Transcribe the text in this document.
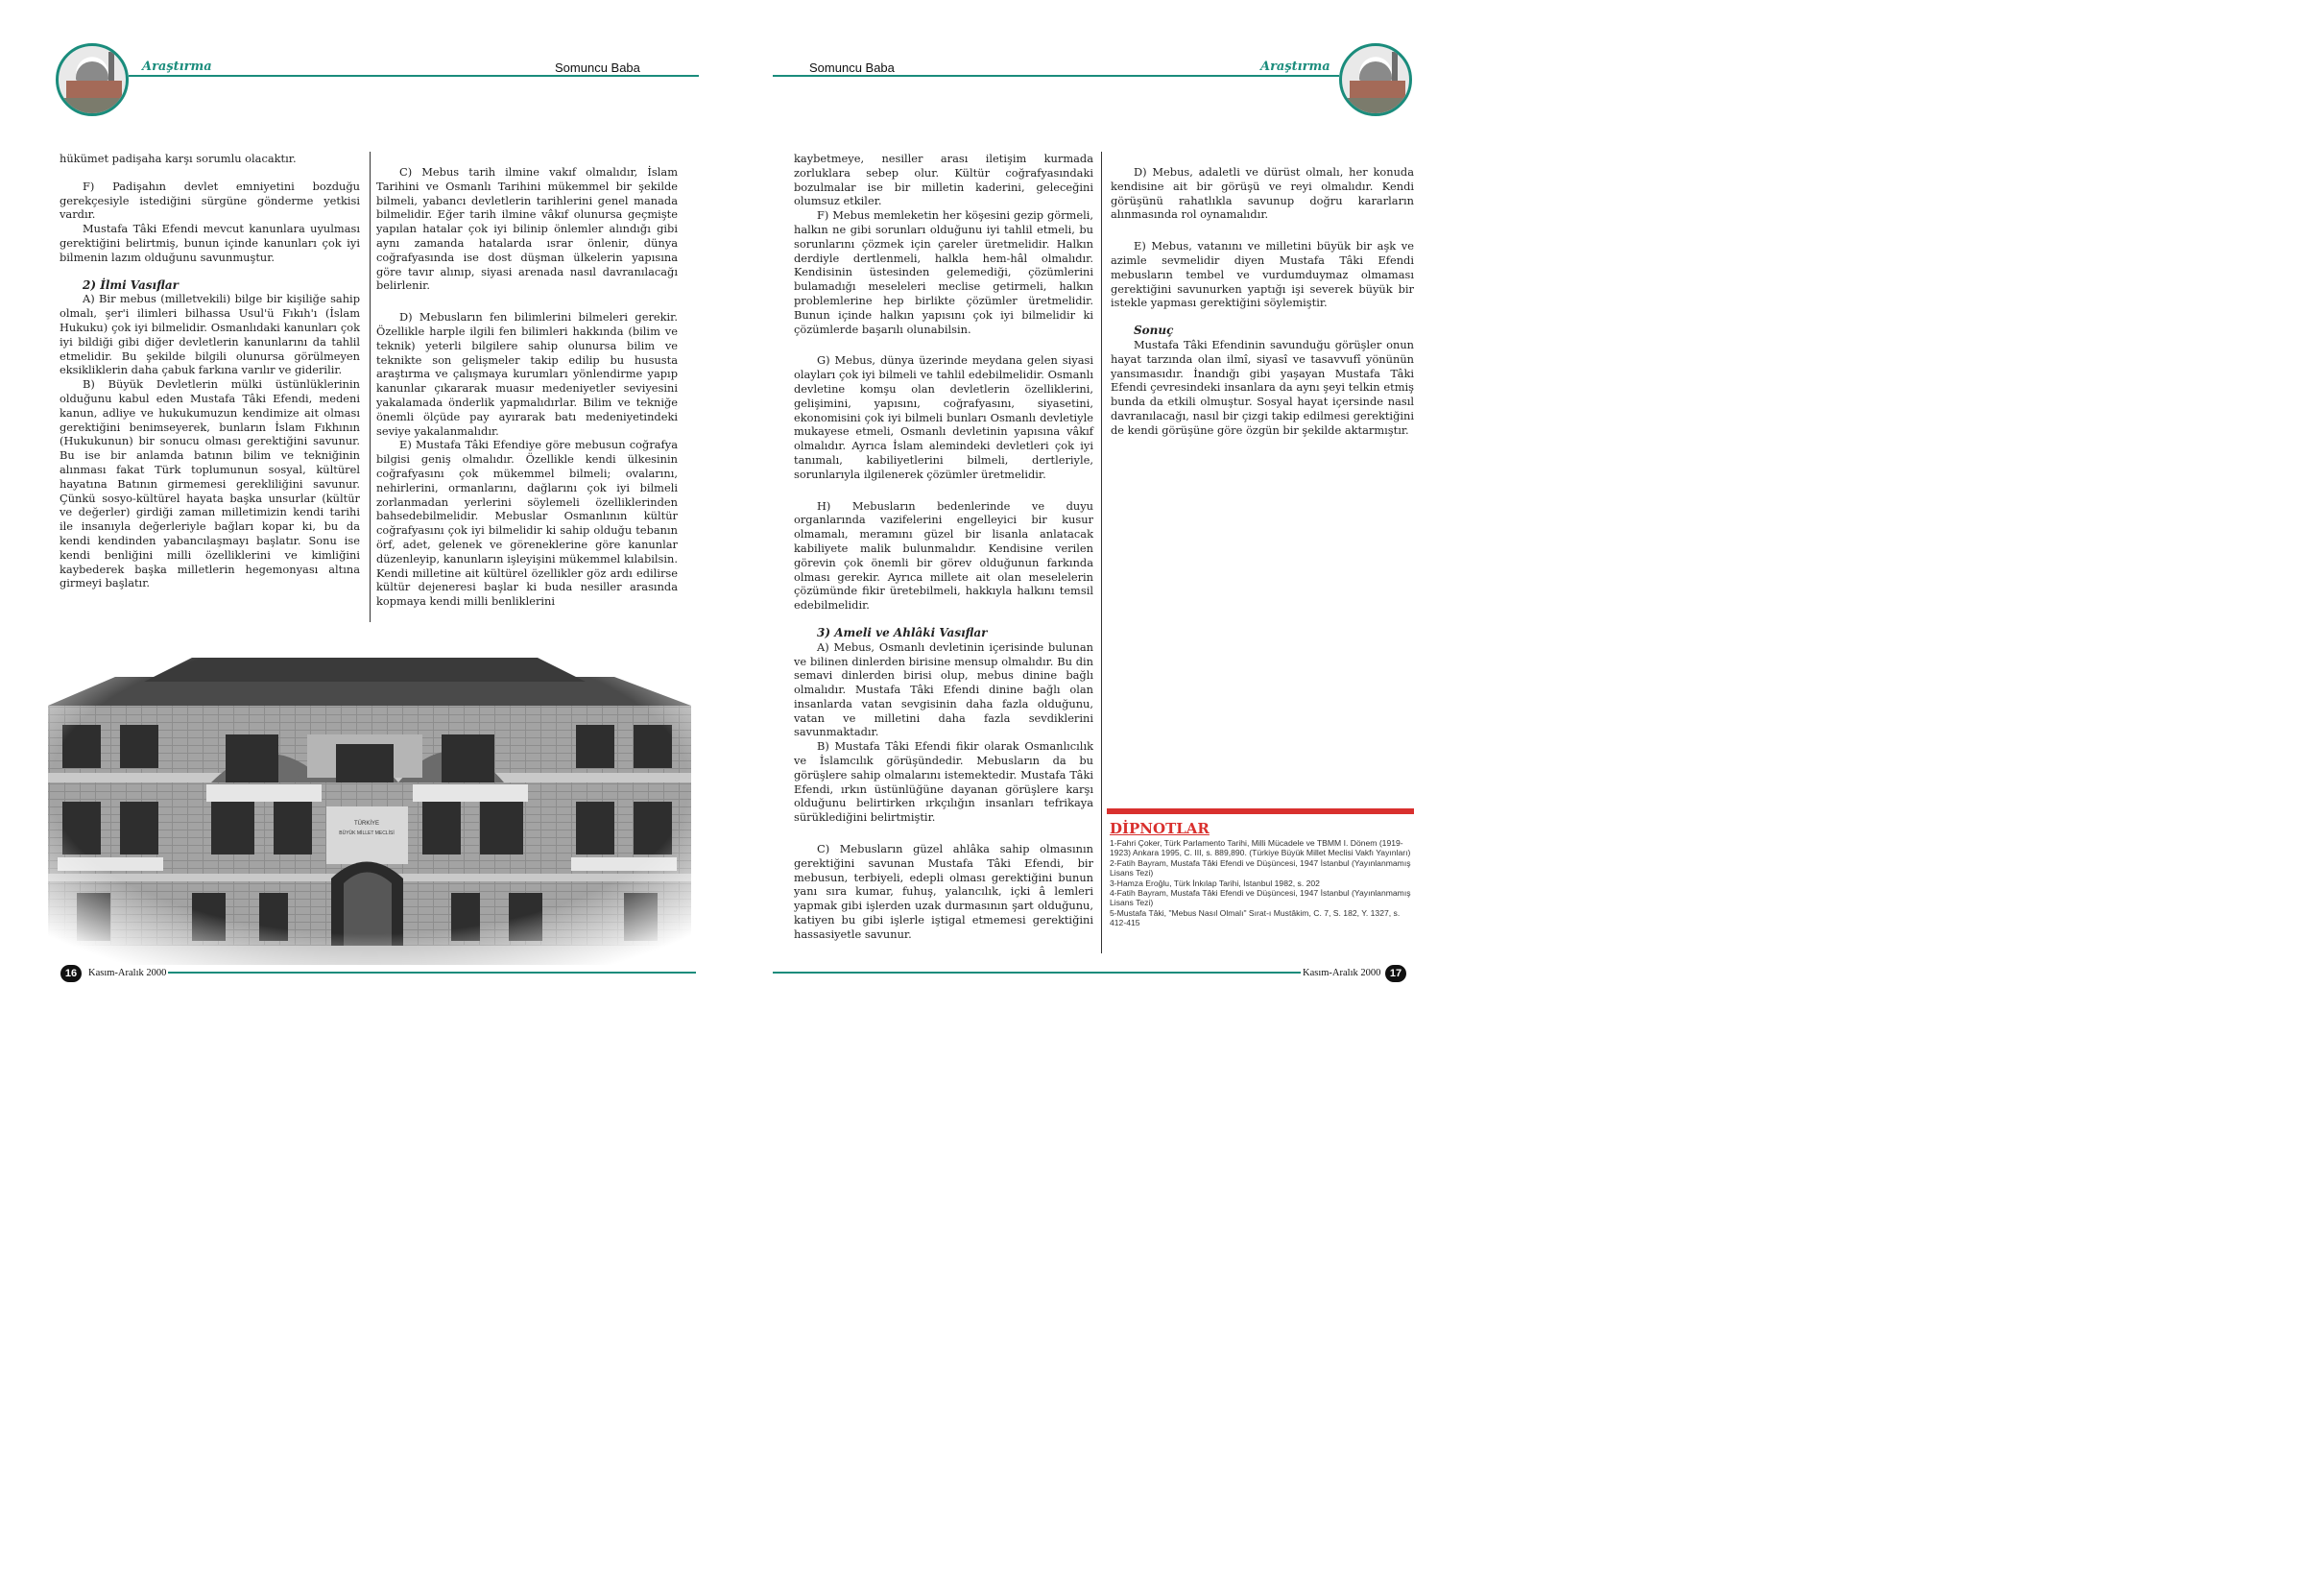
Araştırma	Somuncu Baba

hükümet padişaha karşı sorumlu olacaktır.

F) Padişahın devlet emniyetini bozduğu gerekçesiyle istediğini sürgüne gönderme yetkisi vardır.

Mustafa Tâki Efendi mevcut kanunlara uyulması gerektiğini belirtmiş, bunun içinde kanunları çok iyi bilmenin lazım olduğunu savunmuştur.

2) İlmi Vasıflar

A) Bir mebus (milletvekili) bilge bir kişiliğe sahip olmalı, şer'i ilimleri bilhassa Usul'ü Fıkıh'ı (İslam Hukuku) çok iyi bilmelidir. Osmanlıdaki kanunları çok iyi bildiği gibi diğer devletlerin kanunlarını da tahlil etmelidir. Bu şekilde bilgili olunursa görülmeyen eksikliklerin daha çabuk farkına varılır ve giderilir.

B) Büyük Devletlerin mülki üstünlüklerinin olduğunu kabul eden Mustafa Tâki Efendi, medeni kanun, adliye ve hukukumuzun kendimize ait olması gerektiğini benimseyerek, bunların İslam Fıkhının (Hukukunun) bir sonucu olması gerektiğini savunur. Bu ise bir anlamda batının bilim ve tekniğinin alınması fakat Türk toplumunun sosyal, kültürel hayatına Batının girmemesi gerekliliğini savunur. Çünkü sosyo-kültürel hayata başka unsurlar (kültür ve değerler) girdiği zaman milletimizin kendi tarihi ile insanıyla değerleriyle bağları kopar ki, bu da kendi kendinden yabancılaşmayı başlatır. Sonu ise kendi benliğini milli özelliklerini ve kimliğini kaybederek başka milletlerin hegemonyası altına girmeyi başlatır.

C) Mebus tarih ilmine vakıf olmalıdır, İslam Tarihini ve Osmanlı Tarihini mükemmel bir şekilde bilmeli, yabancı devletlerin tarihlerini genel manada bilmelidir. Eğer tarih ilmine vâkıf olunursa geçmişte yapılan hatalar çok iyi bilinip önlemler alındığı gibi aynı zamanda hatalarda ısrar önlenir, dünya coğrafyasında ise dost düşman ülkelerin yapısına göre tavır alınıp, siyasi arenada nasıl davranılacağı belirlenir.

D) Mebusların fen bilimlerini bilmeleri gerekir. Özellikle harple ilgili fen bilimleri hakkında (bilim ve teknik) yeterli bilgilere sahip olunursa bilim ve teknikte son gelişmeler takip edilip bu hususta araştırma ve çalışmaya kurumları yönlendirme yapıp kanunlar çıkararak muasır medeniyetler seviyesini yakalamada önderlik yapmalıdırlar. Bilim ve tekniğe önemli ölçüde pay ayırarak batı medeniyetindeki seviye yakalanmalıdır.

E) Mustafa Tâki Efendiye göre mebusun coğrafya bilgisi geniş olmalıdır. Özellikle kendi ülkesinin coğrafyasını çok mükemmel bilmeli; ovalarını, nehirlerini, ormanlarını, dağlarını çok iyi bilmeli zorlanmadan yerlerini söylemeli özelliklerinden bahsedebilmelidir. Mebuslar Osmanlının kültür coğrafyasını çok iyi bilmelidir ki sahip olduğu tebanın örf, adet, gelenek ve göreneklerine göre kanunlar düzenleyip, kanunların işleyişini mükemmel kılabilsin. Kendi milletine ait kültürel özellikler göz ardı edilirse kültür dejeneresi başlar ki buda nesiller arasında kopmaya kendi milli benliklerini

16	Kasım-Aralık 2000
Somuncu Baba	Araştırma

kaybetmeye, nesiller arası iletişim kurmada zorluklara sebep olur. Kültür coğrafyasındaki bozulmalar ise bir milletin kaderini, geleceğini olumsuz etkiler.

F) Mebus memleketin her köşesini gezip görmeli, halkın ne gibi sorunları olduğunu iyi tahlil etmeli, bu sorunlarını çözmek için çareler üretmelidir. Halkın derdiyle dertlenmeli, halkla hem-hâl olmalıdır. Kendisinin üstesinden gelemediği, çözümlerini bulamadığı meseleleri meclise getirmeli, halkın problemlerine hep birlikte çözümler üretmelidir. Bunun içinde halkın yapısını çok iyi bilmelidir ki çözümlerde başarılı olunabilsin.

G) Mebus, dünya üzerinde meydana gelen siyasi olayları çok iyi bilmeli ve tahlil edebilmelidir. Osmanlı devletine komşu olan devletlerin özelliklerini, gelişimini, yapısını, coğrafyasını, siyasetini, ekonomisini çok iyi bilmeli bunları Osmanlı devletiyle mukayese etmeli, Osmanlı devletinin yapısına vâkıf olmalıdır. Ayrıca İslam alemindeki devletleri çok iyi tanımalı, kabiliyetlerini bilmeli, dertleriyle, sorunlarıyla ilgilenerek çözümler üretmelidir.

H) Mebusların bedenlerinde ve duyu organlarında vazifelerini engelleyici bir kusur olmamalı, meramını güzel bir lisanla anlatacak kabiliyete malik bulunmalıdır. Kendisine verilen görevin çok önemli bir görev olduğunun farkında olması gerekir. Ayrıca millete ait olan meselelerin çözümünde fikir üretebilmeli, hakkıyla halkını temsil edebilmelidir.

3) Ameli ve Ahlâki Vasıflar

A) Mebus, Osmanlı devletinin içerisinde bulunan ve bilinen dinlerden birisine mensup olmalıdır. Bu din semavi dinlerden birisi olup, mebus dinine bağlı olmalıdır. Mustafa Tâki Efendi dinine bağlı olan insanlarda vatan sevgisinin daha fazla olduğunu, vatan ve milletini daha fazla sevdiklerini savunmaktadır.

B) Mustafa Tâki Efendi fikir olarak Osmanlıcılık ve İslamcılık görüşündedir. Mebusların da bu görüşlere sahip olmalarını istemektedir. Mustafa Tâki Efendi, ırkın üstünlüğüne dayanan görüşlere karşı olduğunu belirtirken ırkçılığın insanları tefrikaya sürüklediğini belirtmiştir.

C) Mebusların güzel ahlâka sahip olmasının gerektiğini savunan Mustafa Tâki Efendi, bir mebusun, terbiyeli, edepli olması gerektiğini bunun yanı sıra kumar, fuhuş, yalancılık, içki â lemleri yapmak gibi işlerden uzak durmasının şart olduğunu, katiyen bu gibi işlerle iştigal etmemesi gerektiğini hassasiyetle savunur.

D) Mebus, adaletli ve dürüst olmalı, her konuda kendisine ait bir görüşü ve reyi olmalıdır. Kendi görüşünü rahatlıkla savunup doğru kararların alınmasında rol oynamalıdır.

E) Mebus, vatanını ve milletini büyük bir aşk ve azimle sevmelidir diyen Mustafa Tâki Efendi mebusların tembel ve vurdumduymaz olmaması gerektiğini savunurken yaptığı işi severek büyük bir istekle yapması gerektiğini söylemiştir.

Sonuç

Mustafa Tâki Efendinin savunduğu görüşler onun hayat tarzında olan ilmî, siyasî ve tasavvufî yönünün yansımasıdır. İnandığı gibi yaşayan Mustafa Tâki Efendi çevresindeki insanlara da aynı şeyi telkin etmiş bunda da etkili olmuştur. Sosyal hayat içersinde nasıl davranılacağı, nasıl bir çizgi takip edilmesi gerektiğini de kendi görüşüne göre özgün bir şekilde aktarmıştır.

Kasım-Aralık 2000 17
DİPNOTLAR
1-Fahri Çoker, Türk Parlamento Tarihi, Milli Mücadele ve TBMM I. Dönem (1919-1923) Ankara 1995, C. III, s. 889,890. (Türkiye Büyük Millet Meclisi Vakfı Yayınları)
2-Fatih Bayram, Mustafa Tâki Efendi ve Düşüncesi, 1947 İstanbul (Yayınlanmamış Lisans Tezi)
3-Hamza Eroğlu, Türk İnkılap Tarihi, İstanbul 1982, s. 202
4-Fatih Bayram, Mustafa Tâki Efendi ve Düşüncesi, 1947 İstanbul (Yayınlanmamış Lisans Tezi)
5-Mustafa Tâki, "Mebus Nasıl Olmalı" Sırat-ı Mustâkim, C. 7, S. 182, Y. 1327, s. 412-415
